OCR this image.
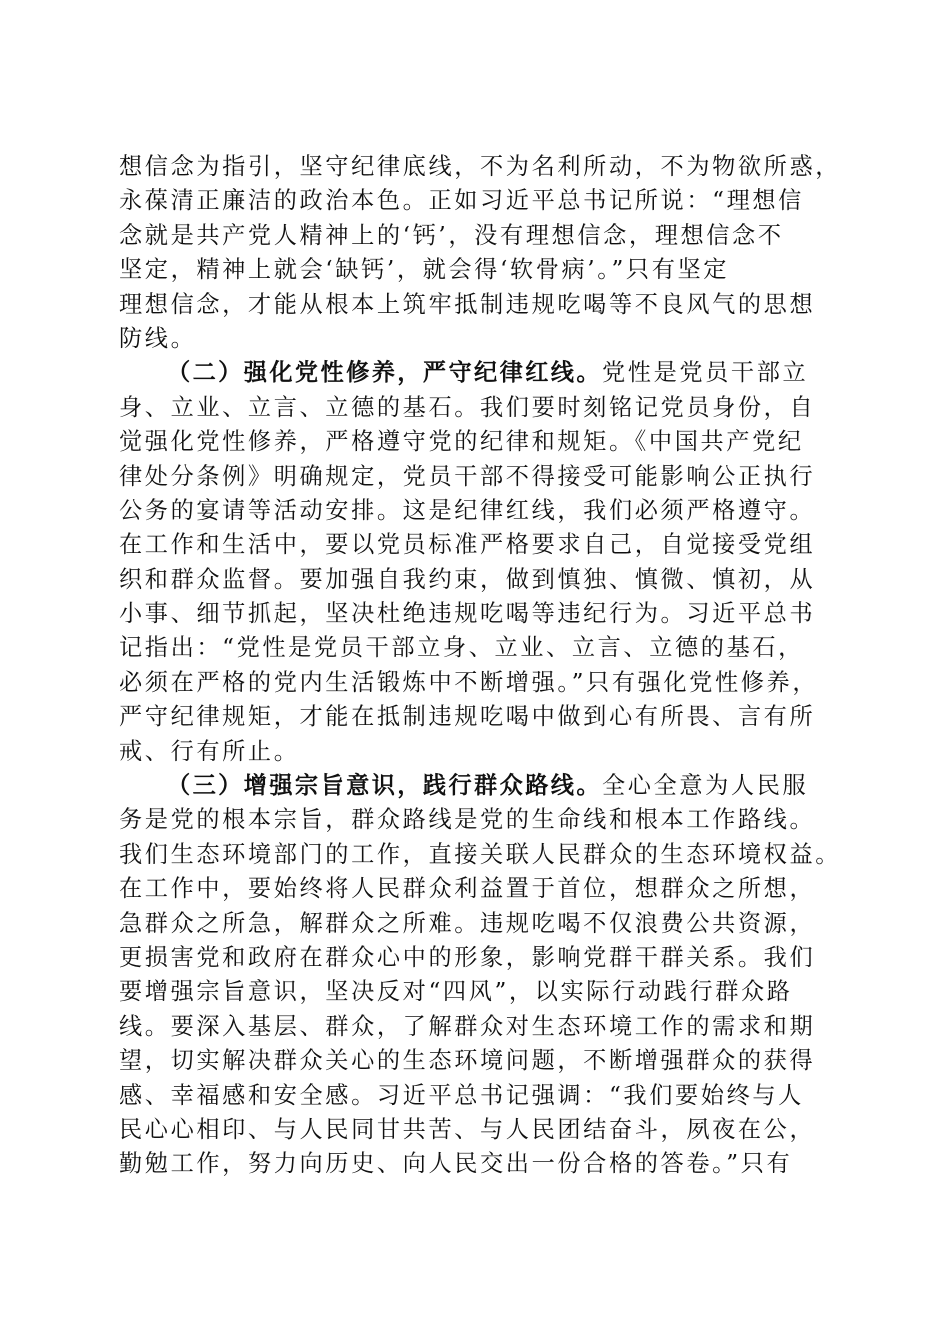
想信念为指引，坚守纪律底线，不为名利所动，不为物欲所惑，
永葆清正廉洁的政治本色。正如习近平总书记所说：“理想信
念就是共产党人精神上的‘钙’，没有理想信念，理想信念不
坚定，精神上就会‘缺钙’，就会得‘软骨病’。”只有坚定
理想信念，才能从根本上筑牢抵制违规吃喝等不良风气的思想
防线。
（二）强化党性修养，严守纪律红线。党性是党员干部立
身、立业、立言、立德的基石。我们要时刻铭记党员身份，自
觉强化党性修养，严格遵守党的纪律和规矩。《中国共产党纪
律处分条例》明确规定，党员干部不得接受可能影响公正执行
公务的宴请等活动安排。这是纪律红线，我们必须严格遵守。
在工作和生活中，要以党员标准严格要求自己，自觉接受党组
织和群众监督。要加强自我约束，做到慎独、慎微、慎初，从
小事、细节抓起，坚决杜绝违规吃喝等违纪行为。习近平总书
记指出：“党性是党员干部立身、立业、立言、立德的基石，
必须在严格的党内生活锻炼中不断增强。”只有强化党性修养，
严守纪律规矩，才能在抵制违规吃喝中做到心有所畏、言有所
戒、行有所止。
（三）增强宗旨意识，践行群众路线。全心全意为人民服
务是党的根本宗旨，群众路线是党的生命线和根本工作路线。
我们生态环境部门的工作，直接关联人民群众的生态环境权益。
在工作中，要始终将人民群众利益置于首位，想群众之所想，
急群众之所急，解群众之所难。违规吃喝不仅浪费公共资源，
更损害党和政府在群众心中的形象，影响党群干群关系。我们
要增强宗旨意识，坚决反对“四风”，以实际行动践行群众路
线。要深入基层、群众，了解群众对生态环境工作的需求和期
望，切实解决群众关心的生态环境问题，不断增强群众的获得
感、幸福感和安全感。习近平总书记强调：“我们要始终与人
民心心相印、与人民同甘共苦、与人民团结奋斗，夙夜在公，
勤勉工作，努力向历史、向人民交出一份合格的答卷。”只有
